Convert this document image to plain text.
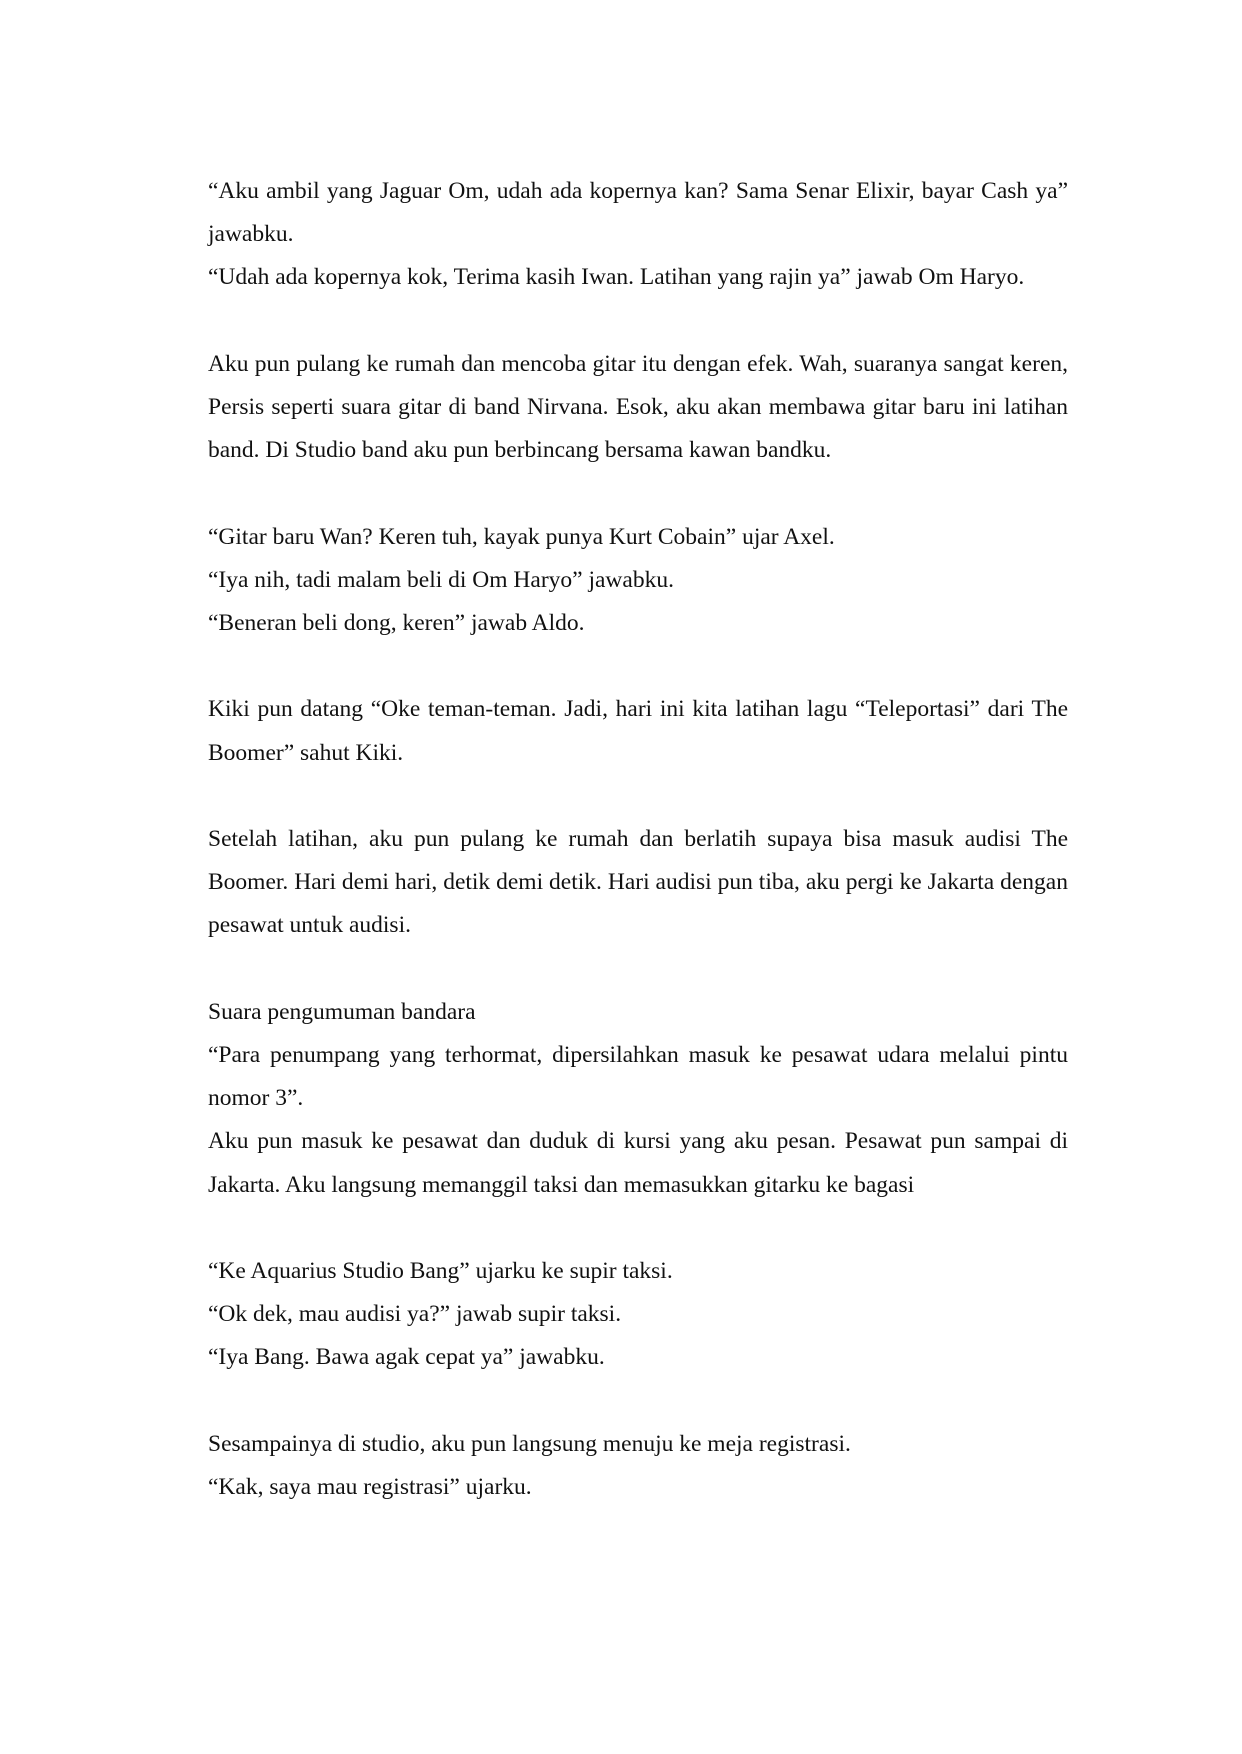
“Aku ambil yang Jaguar Om, udah ada kopernya kan? Sama Senar Elixir, bayar Cash ya” jawabku.
“Udah ada kopernya kok, Terima kasih Iwan. Latihan yang rajin ya” jawab Om Haryo.
Aku pun pulang ke rumah dan mencoba gitar itu dengan efek. Wah, suaranya sangat keren, Persis seperti suara gitar di band Nirvana. Esok, aku akan membawa gitar baru ini latihan band. Di Studio band aku pun berbincang bersama kawan bandku.
“Gitar baru Wan? Keren tuh, kayak punya Kurt Cobain” ujar Axel.
“Iya nih, tadi malam beli di Om Haryo” jawabku.
“Beneran beli dong, keren” jawab Aldo.
Kiki pun datang “Oke teman-teman. Jadi, hari ini kita latihan lagu “Teleportasi” dari The Boomer” sahut Kiki.
Setelah latihan, aku pun pulang ke rumah dan berlatih supaya bisa masuk audisi The Boomer. Hari demi hari, detik demi detik. Hari audisi pun tiba, aku pergi ke Jakarta dengan pesawat untuk audisi.
Suara pengumuman bandara
“Para penumpang yang terhormat, dipersilahkan masuk ke pesawat udara melalui pintu nomor 3”.
Aku pun masuk ke pesawat dan duduk di kursi yang aku pesan. Pesawat pun sampai di Jakarta. Aku langsung memanggil taksi dan memasukkan gitarku ke bagasi
“Ke Aquarius Studio Bang” ujarku ke supir taksi.
“Ok dek, mau audisi ya?” jawab supir taksi.
“Iya Bang. Bawa agak cepat ya” jawabku.
Sesampainya di studio, aku pun langsung menuju ke meja registrasi.
“Kak, saya mau registrasi” ujarku.
